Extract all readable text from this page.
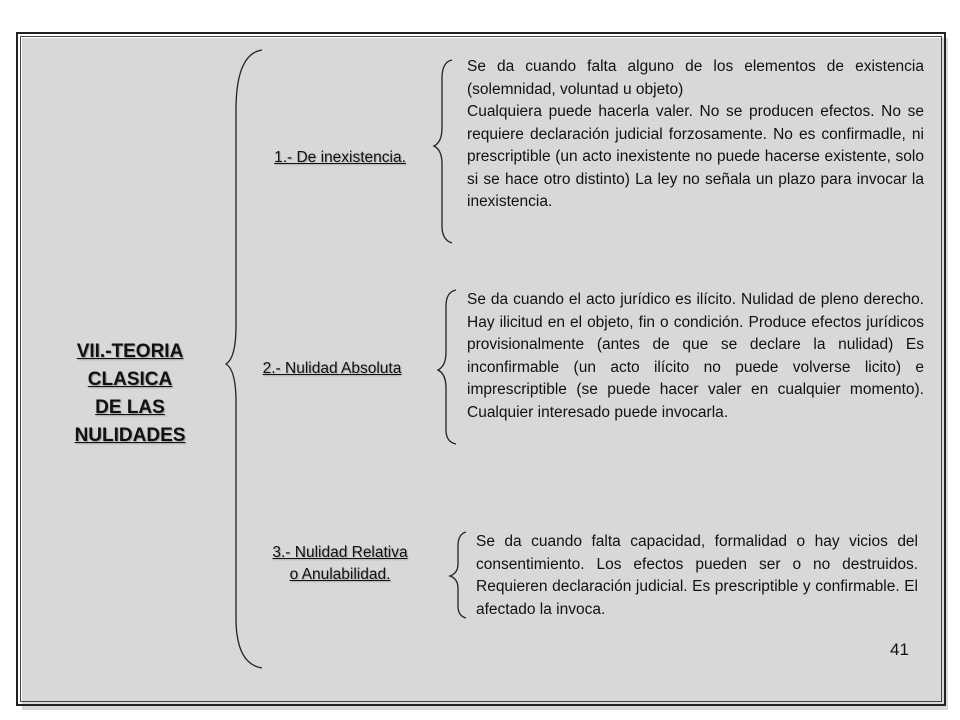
VII.-TEORIA
CLASICA
DE LAS
NULIDADES
1.- De inexistencia.
2.- Nulidad Absoluta
3.- Nulidad Relativa
o Anulabilidad.

Se da cuando falta alguno de los elementos de existencia (solemnidad, voluntad u objeto)

Cualquiera puede hacerla valer. No se producen efectos. No se requiere declaración judicial forzosamente. No es confirmadle, ni prescriptible (un acto inexistente no puede hacerse existente, solo si se hace otro distinto) La ley no señala un plazo para invocar la inexistencia.

Se da cuando el acto jurídico es ilícito. Nulidad de pleno derecho. Hay ilicitud en el objeto, fin o condición. Produce efectos jurídicos provisionalmente (antes de que se declare la nulidad) Es inconfirmable (un acto ilícito no puede volverse licito) e imprescriptible (se puede hacer valer en cualquier momento). Cualquier interesado puede invocarla.

Se da cuando falta capacidad, formalidad o hay vicios del consentimiento. Los efectos pueden ser o no destruidos. Requieren declaración judicial. Es prescriptible y confirmable. El afectado la invoca.

41
